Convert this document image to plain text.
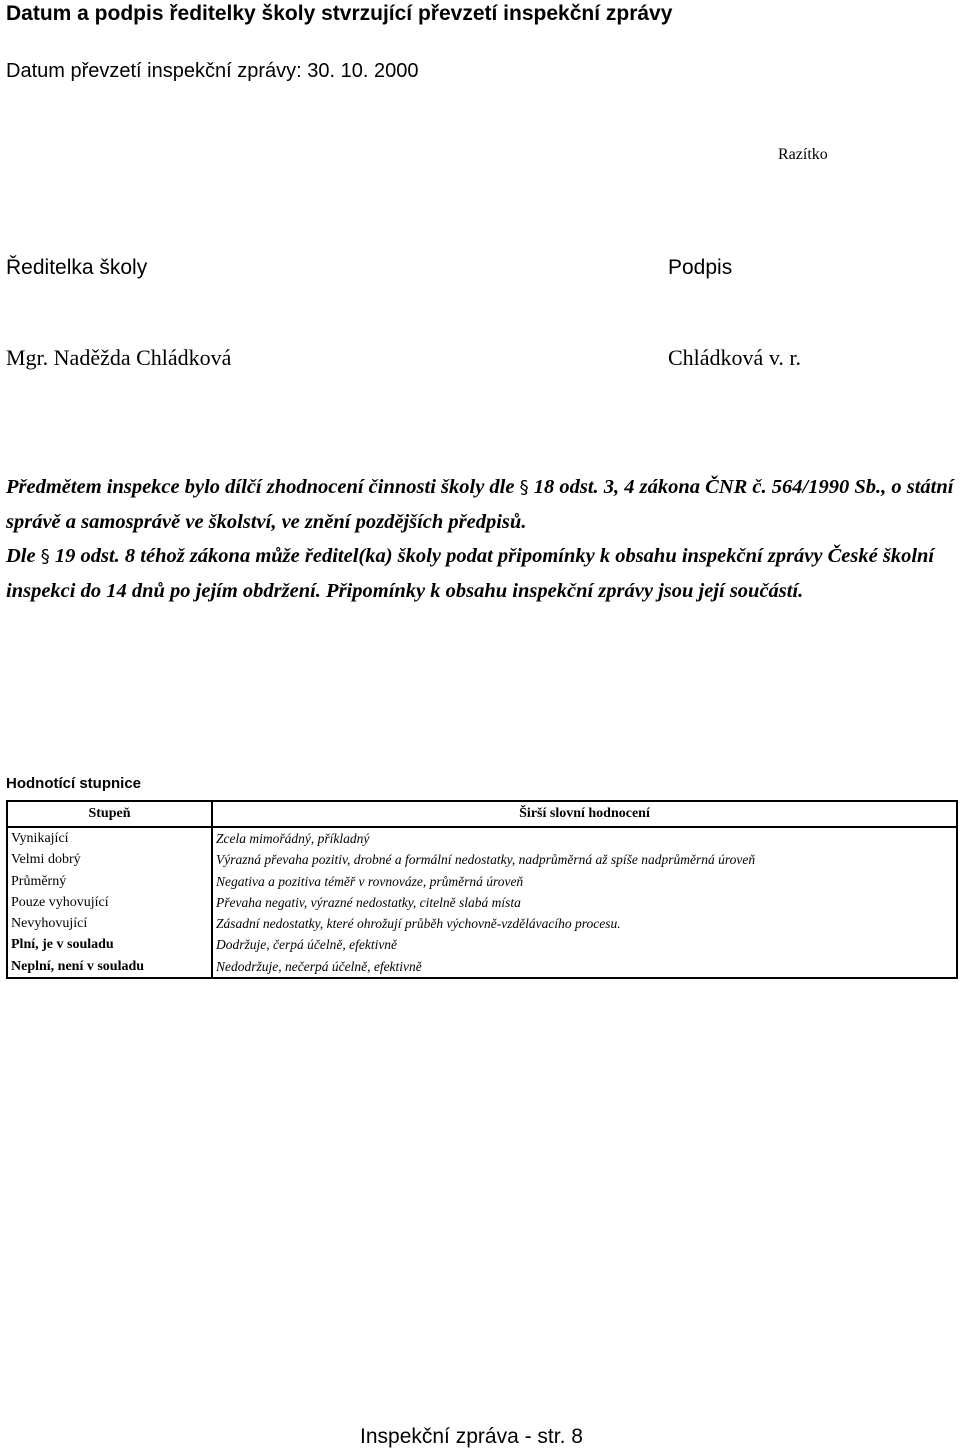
Datum a podpis ředitelky školy stvrzující převzetí inspekční zprávy
Datum převzetí inspekční zprávy: 30. 10. 2000
Razítko
Ředitelka školy	Podpis
Mgr. Naděžda Chládková	Chládková v. r.
Předmětem inspekce bylo dílčí zhodnocení činnosti školy dle § 18 odst. 3, 4 zákona ČNR č. 564/1990 Sb., o státní správě a samosprávě ve školství, ve znění pozdějších předpisů.
Dle § 19 odst. 8 téhož zákona může ředitel(ka) školy podat připomínky k obsahu inspekční zprávy České školní inspekci do 14 dnů po jejím obdržení. Připomínky k obsahu inspekční zprávy jsou její součástí.
Hodnotící stupnice
Stupeň	Širší slovní hodnocení
Vynikající	Zcela mimořádný, příkladný
Velmi dobrý	Výrazná převaha pozitiv, drobné a formální nedostatky, nadprůměrná až spíše nadprůměrná úroveň
Průměrný	Negativa a pozitiva téměř v rovnováze, průměrná úroveň
Pouze vyhovující	Převaha negativ, výrazné nedostatky, citelně slabá místa
Nevyhovující	Zásadní nedostatky, které ohrožují průběh výchovně-vzdělávacího procesu.
Plní, je v souladu	Dodržuje, čerpá účelně, efektivně
Neplní, není v souladu	Nedodržuje, nečerpá účelně, efektivně
Inspekční zpráva - str. 8
